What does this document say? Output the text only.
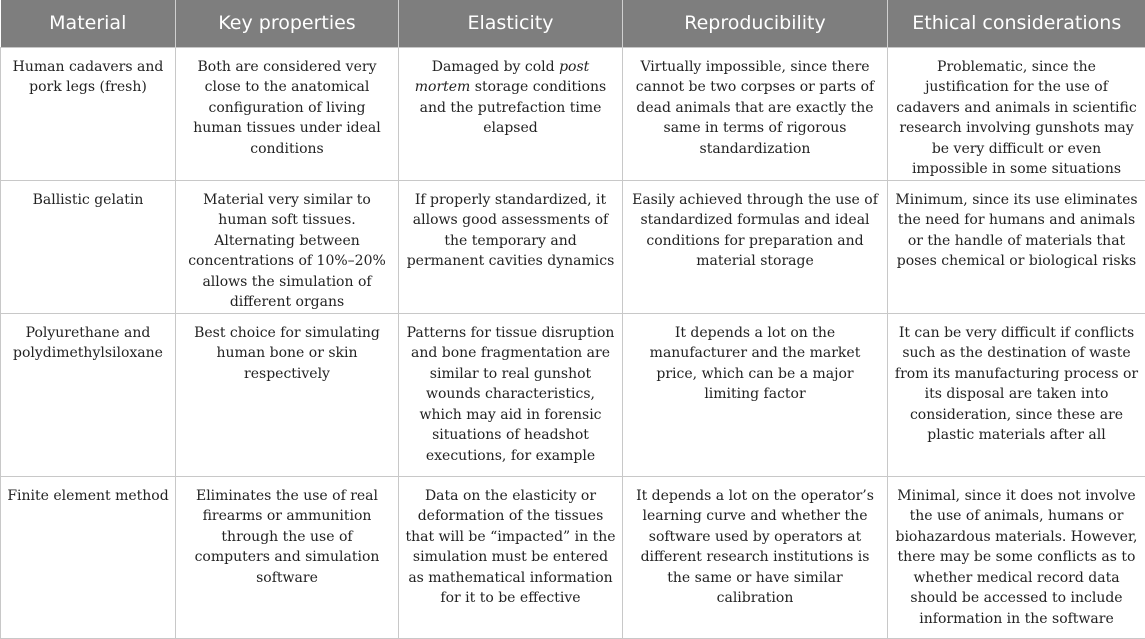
Material	Key properties	Elasticity	Reproducibility	Ethical considerations
Human cadavers and pork legs (fresh)	Both are considered very close to the anatomical configuration of living human tissues under ideal conditions	Damaged by cold post mortem storage conditions and the putrefaction time elapsed	Virtually impossible, since there cannot be two corpses or parts of dead animals that are exactly the same in terms of rigorous standardization	Problematic, since the justification for the use of cadavers and animals in scientific research involving gunshots may be very difficult or even impossible in some situations
Ballistic gelatin	Material very similar to human soft tissues. Alternating between concentrations of 10%–20% allows the simulation of different organs	If properly standardized, it allows good assessments of the temporary and permanent cavities dynamics	Easily achieved through the use of standardized formulas and ideal conditions for preparation and material storage	Minimum, since its use eliminates the need for humans and animals or the handle of materials that poses chemical or biological risks
Polyurethane and polydimethylsiloxane	Best choice for simulating human bone or skin respectively	Patterns for tissue disruption and bone fragmentation are similar to real gunshot wounds characteristics, which may aid in forensic situations of headshot executions, for example	It depends a lot on the manufacturer and the market price, which can be a major limiting factor	It can be very difficult if conflicts such as the destination of waste from its manufacturing process or its disposal are taken into consideration, since these are plastic materials after all
Finite element method	Eliminates the use of real firearms or ammunition through the use of computers and simulation software	Data on the elasticity or deformation of the tissues that will be “impacted” in the simulation must be entered as mathematical information for it to be effective	It depends a lot on the operator’s learning curve and whether the software used by operators at different research institutions is the same or have similar calibration	Minimal, since it does not involve the use of animals, humans or biohazardous materials. However, there may be some conflicts as to whether medical record data should be accessed to include information in the software
